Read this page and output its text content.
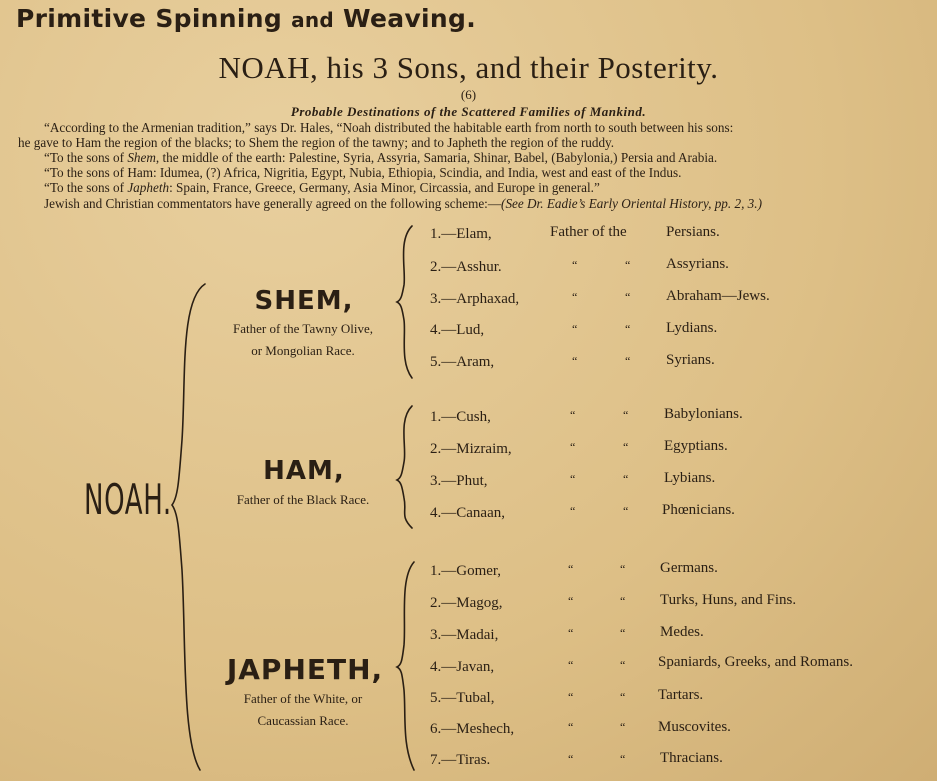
Primitive Spinning and Weaving.
NOAH, his 3 Sons, and their Posterity.
(6)
Probable Destinations of the Scattered Families of Mankind.
“According to the Armenian tradition,” says Dr. Hales, “Noah distributed the habitable earth from north to south between his sons:
he gave to Ham the region of the blacks; to Shem the region of the tawny; and to Japheth the region of the ruddy.
“To the sons of Shem, the middle of the earth: Palestine, Syria, Assyria, Samaria, Shinar, Babel, (Babylonia,) Persia and Arabia.
“To the sons of Ham: Idumea, (?) Africa, Nigritia, Egypt, Nubia, Ethiopia, Scindia, and India, west and east of the Indus.
“To the sons of Japheth: Spain, France, Greece, Germany, Asia Minor, Circassia, and Europe in general.”
Jewish and Christian commentators have generally agreed on the following scheme:—(See Dr. Eadie’s Early Oriental History, pp. 2, 3.)
NOAH.
SHEM,
Father of the Tawny Olive,
or Mongolian Race.
HAM,
Father of the Black Race.
JAPHETH,
Father of the White, or
Caucassian Race.
1.—Elam,	Father of the	Persians.
2.—Asshur.	“	“ Assyrians.
3.—Arphaxad,	“	“ Abraham—Jews.
4.—Lud,	“	“ Lydians.
5.—Aram,	“	“ Syrians.
1.—Cush,	“	“ Babylonians.
2.—Mizraim,	“	“ Egyptians.
3.—Phut,	“	“ Lybians.
4.—Canaan,	“	“ Phœnicians.
1.—Gomer,	“	“ Germans.
2.—Magog,	“	“ Turks, Huns, and Fins.
3.—Madai,	“	“ Medes.
4.—Javan,	“	“ Spaniards, Greeks, and Romans.
5.—Tubal,	“	“ Tartars.
6.—Meshech,	“	“ Muscovites.
7.—Tiras.	“	“ Thracians.
